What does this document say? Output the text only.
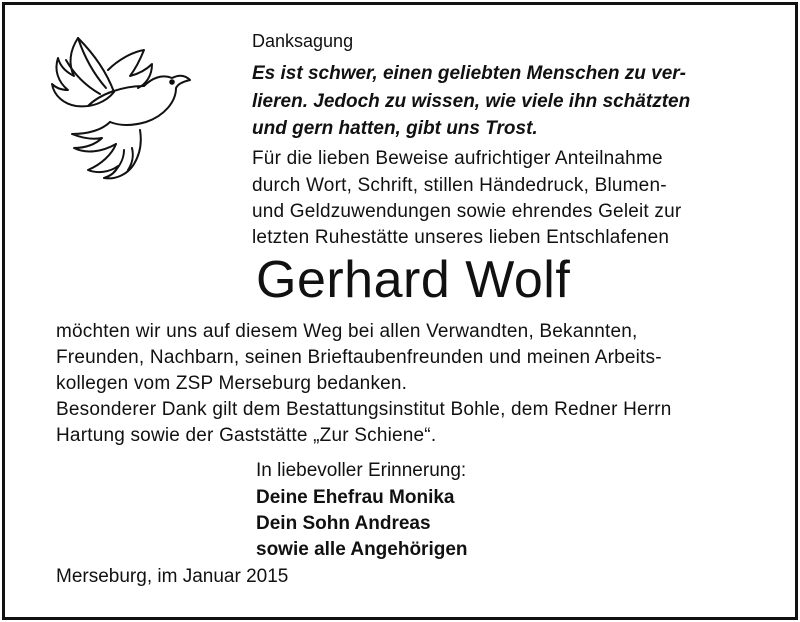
Danksagung
Es ist schwer, einen geliebten Menschen zu ver-
lieren. Jedoch zu wissen, wie viele ihn schätzten
und gern hatten, gibt uns Trost.
Für die lieben Beweise aufrichtiger Anteilnahme
durch Wort, Schrift, stillen Händedruck, Blumen-
und Geldzuwendungen sowie ehrendes Geleit zur
letzten Ruhestätte unseres lieben Entschlafenen
Gerhard Wolf
möchten wir uns auf diesem Weg bei allen Verwandten, Bekannten,
Freunden, Nachbarn, seinen Brieftaubenfreunden und meinen Arbeits-
kollegen vom ZSP Merseburg bedanken.
Besonderer Dank gilt dem Bestattungsinstitut Bohle, dem Redner Herrn
Hartung sowie der Gaststätte „Zur Schiene“.
In liebevoller Erinnerung:
Deine Ehefrau Monika
Dein Sohn Andreas
sowie alle Angehörigen
Merseburg, im Januar 2015
